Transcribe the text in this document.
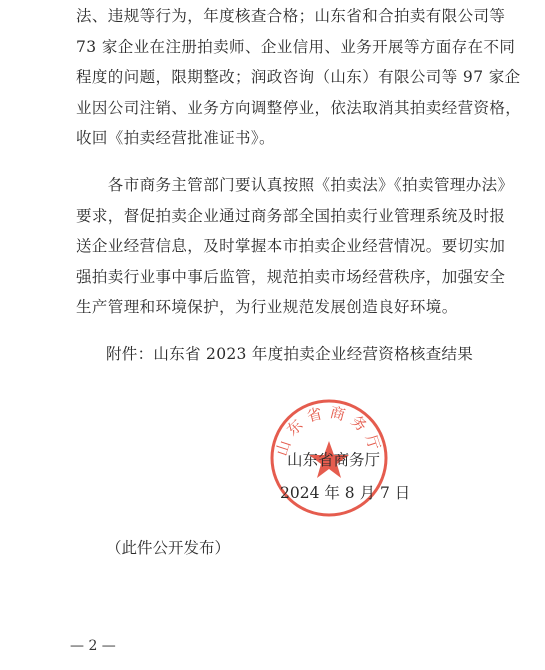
法、违规等行为，年度核查合格；山东省和合拍卖有限公司等
73 家企业在注册拍卖师、企业信用、业务开展等方面存在不同
程度的问题，限期整改；润政咨询（山东）有限公司等 97 家企
业因公司注销、业务方向调整停业，依法取消其拍卖经营资格，
收回《拍卖经营批准证书》。

　　各市商务主管部门要认真按照《拍卖法》《拍卖管理办法》
要求，督促拍卖企业通过商务部全国拍卖行业管理系统及时报
送企业经营信息，及时掌握本市拍卖企业经营情况。要切实加
强拍卖行业事中事后监管，规范拍卖市场经营秩序，加强安全
生产管理和环境保护，为行业规范发展创造良好环境。

附件：山东省 2023 年度拍卖企业经营资格核查结果
山东省商务厅
山东省商务厅
2024 年 8 月 7 日
（此件公开发布）
— 2 —
